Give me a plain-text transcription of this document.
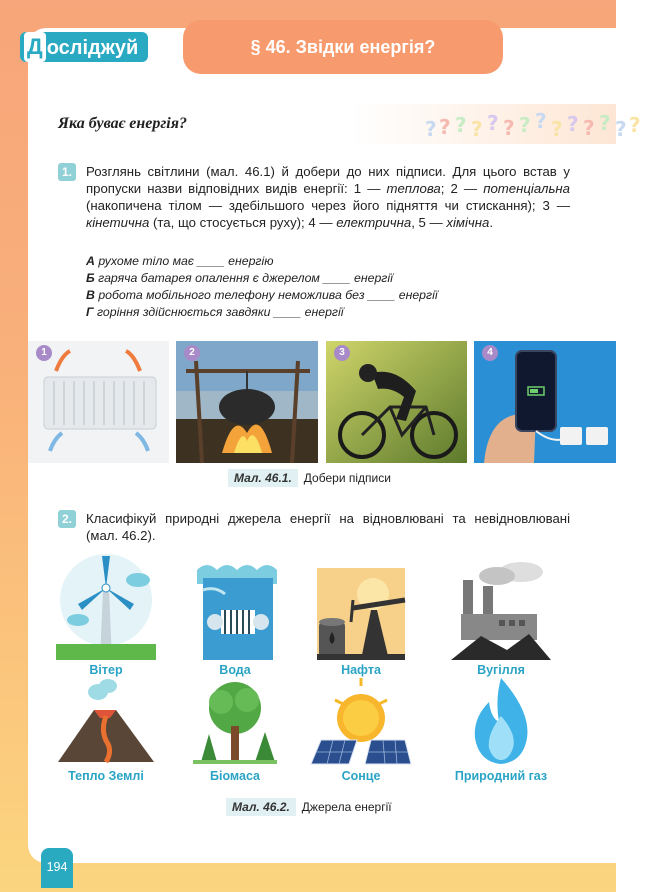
Д осліджуй	§ 46. Звідки енергія?
Яка буває енергія?	? ? ? ? ? ? ? ? ? ? ? ? ? ?
1.	Розглянь світлини (мал. 46.1) й добери до них підписи. Для цього встав у пропуски назви відповідних видів енергії: 1 — теплова; 2 — потенціальна (накопичена тілом — здебільшого через його підняття чи стискання); 3 — кінетична (та, що стосується руху); 4 — електрична, 5 — хімічна.

А рухоме тіло має ____ енергію
Б гаряча батарея опалення є джерелом ____ енергії
В робота мобільного телефону неможлива без ____ енергії
Г горіння здійснюється завдяки ____ енергії
1	2	3	4
Мал. 46.1. Добери підписи
2.	Класифікуй природні джерела енергії на відновлювані та невідновлювані (мал. 46.2).

Вітер	Вода	Нафта	Вугілля
Тепло Землі	Біомаса	Сонце	Природний газ
Мал. 46.2. Джерела енергії
194
